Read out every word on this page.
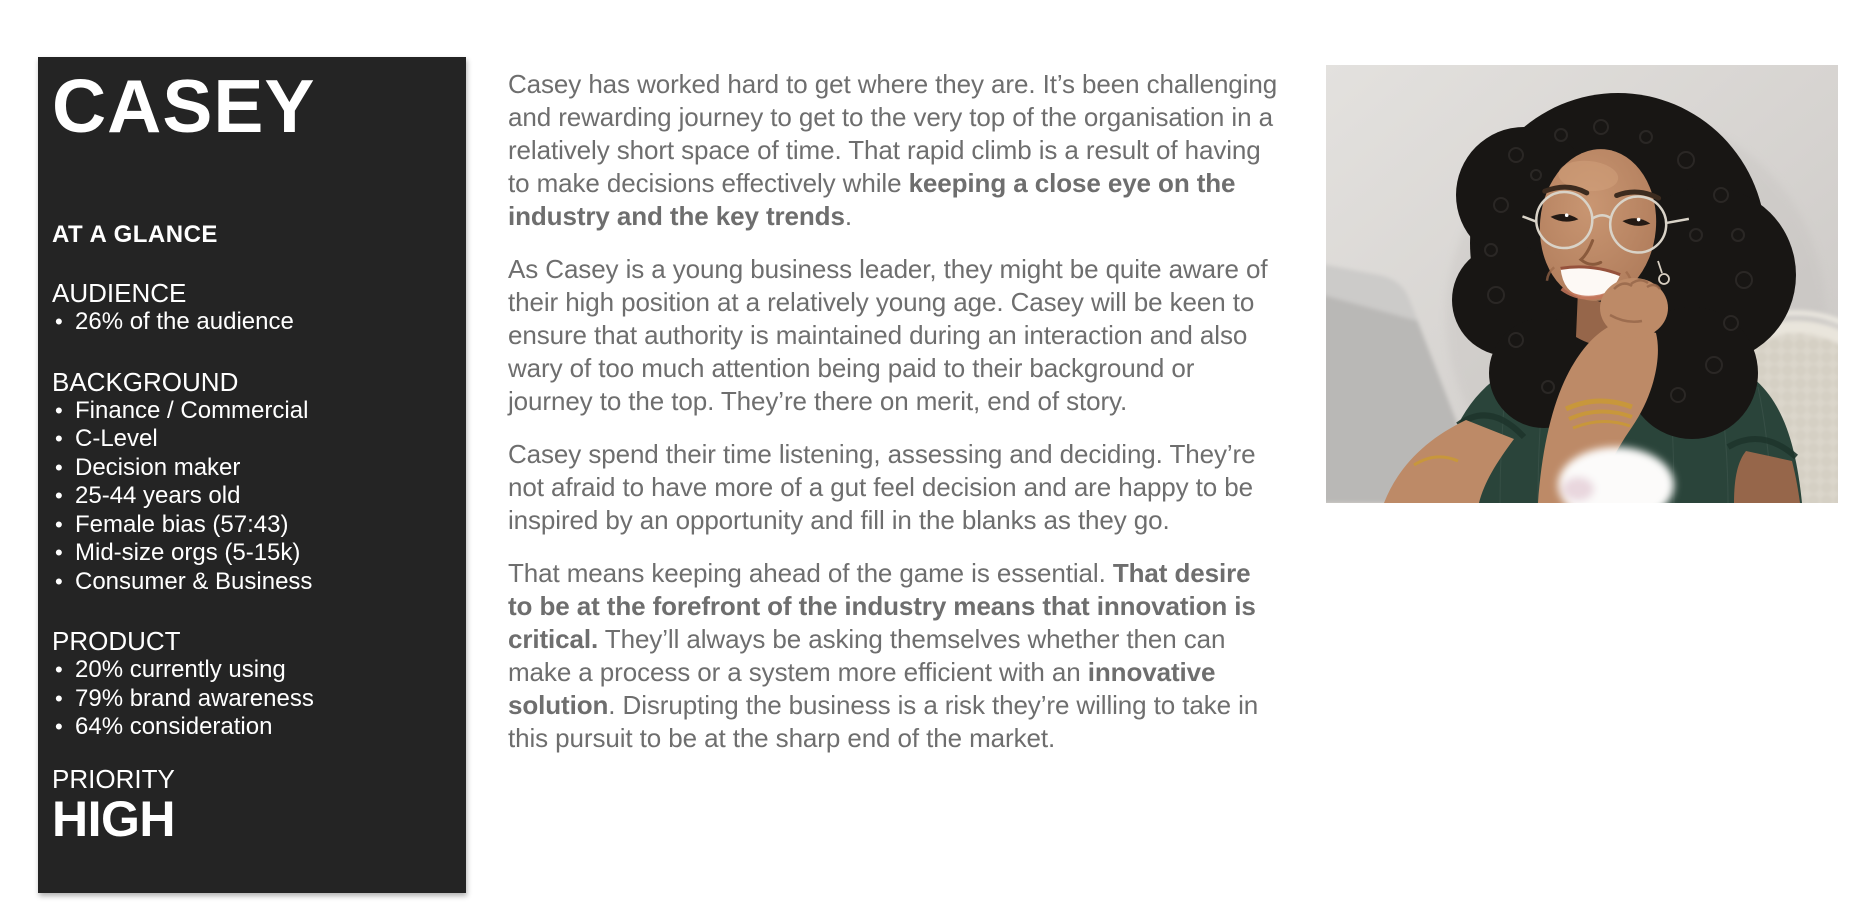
CASEY
AT A GLANCE
AUDIENCE
• 26% of the audience
BACKGROUND
• Finance / Commercial
• C-Level
• Decision maker
• 25-44 years old
• Female bias (57:43)
• Mid-size orgs (5-15k)
• Consumer & Business
PRODUCT
• 20% currently using
• 79% brand awareness
• 64% consideration
PRIORITY
HIGH

Casey has worked hard to get where they are. It’s been challenging and rewarding journey to get to the very top of the organisation in a relatively short space of time. That rapid climb is a result of having to make decisions effectively while keeping a close eye on the industry and the key trends.

As Casey is a young business leader, they might be quite aware of their high position at a relatively young age. Casey will be keen to ensure that authority is maintained during an interaction and also wary of too much attention being paid to their background or journey to the top. They’re there on merit, end of story.

Casey spend their time listening, assessing and deciding. They’re not afraid to have more of a gut feel decision and are happy to be inspired by an opportunity and fill in the blanks as they go.

That means keeping ahead of the game is essential. That desire to be at the forefront of the industry means that innovation is critical. They’ll always be asking themselves whether then can make a process or a system more efficient with an innovative solution. Disrupting the business is a risk they’re willing to take in this pursuit to be at the sharp end of the market.
